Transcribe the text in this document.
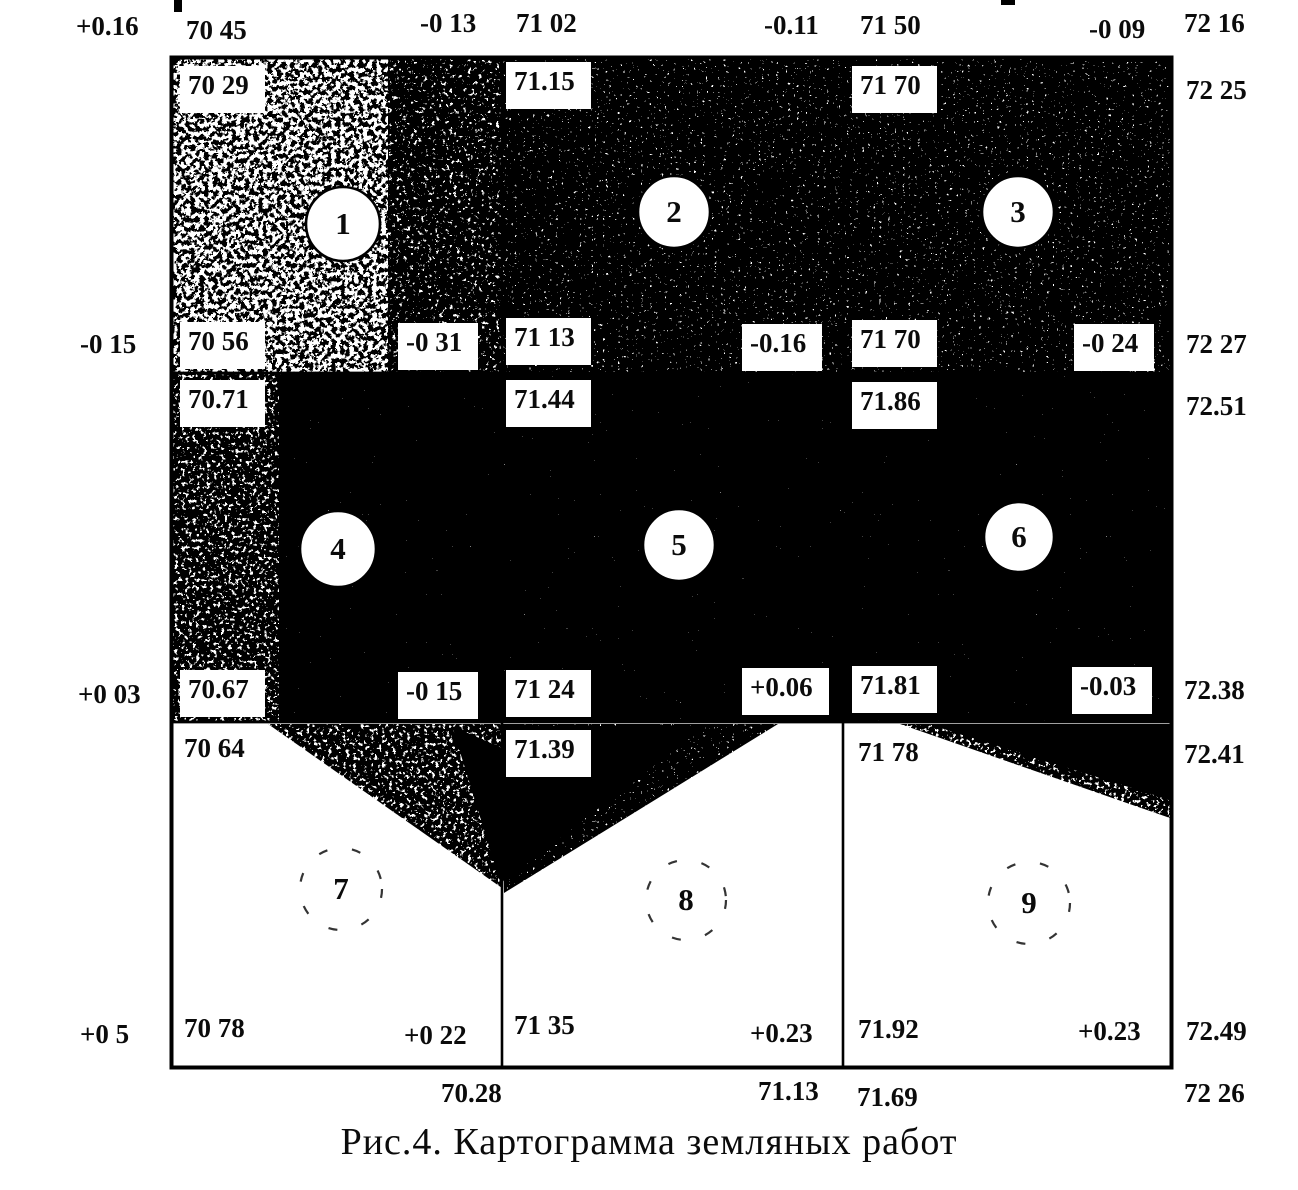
+0.16 70 45	-0 13 71 02	-0.11 71 50	-0 09 72 16
70 29	71.15	71 70	72 25
-0 15 70 56	-0 31	71 13	-0.16	71 70	-0 24	72 27
70.71	71.44	71.86	72.51
+0 03 70.67	-0 15	71 24	+0.06	71.81	-0.03	72.38
70 64	71.39	71 78	72.41
+0 5 70 78	+0 22 71 35	+0.23 71.92	+0.23 72.49
70.28	71.13 71.69	72 26
1	2	3
4	5	6
7	8	9
Рис.4. Картограмма земляных работ
